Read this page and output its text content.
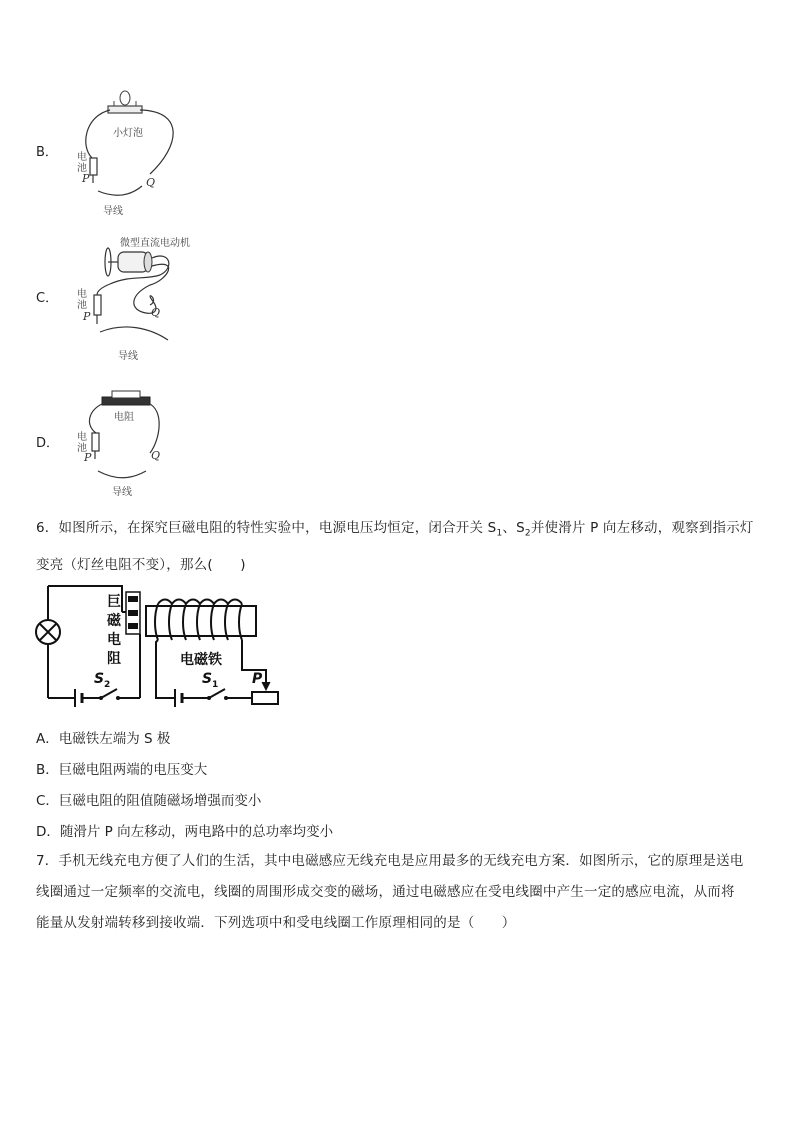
B．
小灯泡
电池
P	Q
导线
C．
微型直流电动机
电池
P	Q
导线
D．
电阻
电池
P	Q
导线
6．如图所示，在探究巨磁电阻的特性实验中，电源电压均恒定，闭合开关 $S_1$、$S_2$并使滑片 P 向左移动，观察到指示灯
变亮（灯丝电阻不变），那么(　　)
巨
磁
电
阻	电磁铁
S 2	S 1 P
A．电磁铁左端为 S 极
B．巨磁电阻两端的电压变大
C．巨磁电阻的阻值随磁场增强而变小
D．随滑片 P 向左移动，两电路中的总功率均变小
7．手机无线充电方便了人们的生活，其中电磁感应无线充电是应用最多的无线充电方案．如图所示，它的原理是送电
线圈通过一定频率的交流电，线圈的周围形成交变的磁场，通过电磁感应在受电线圈中产生一定的感应电流，从而将
能量从发射端转移到接收端．下列选项中和受电线圈工作原理相同的是（　　）
